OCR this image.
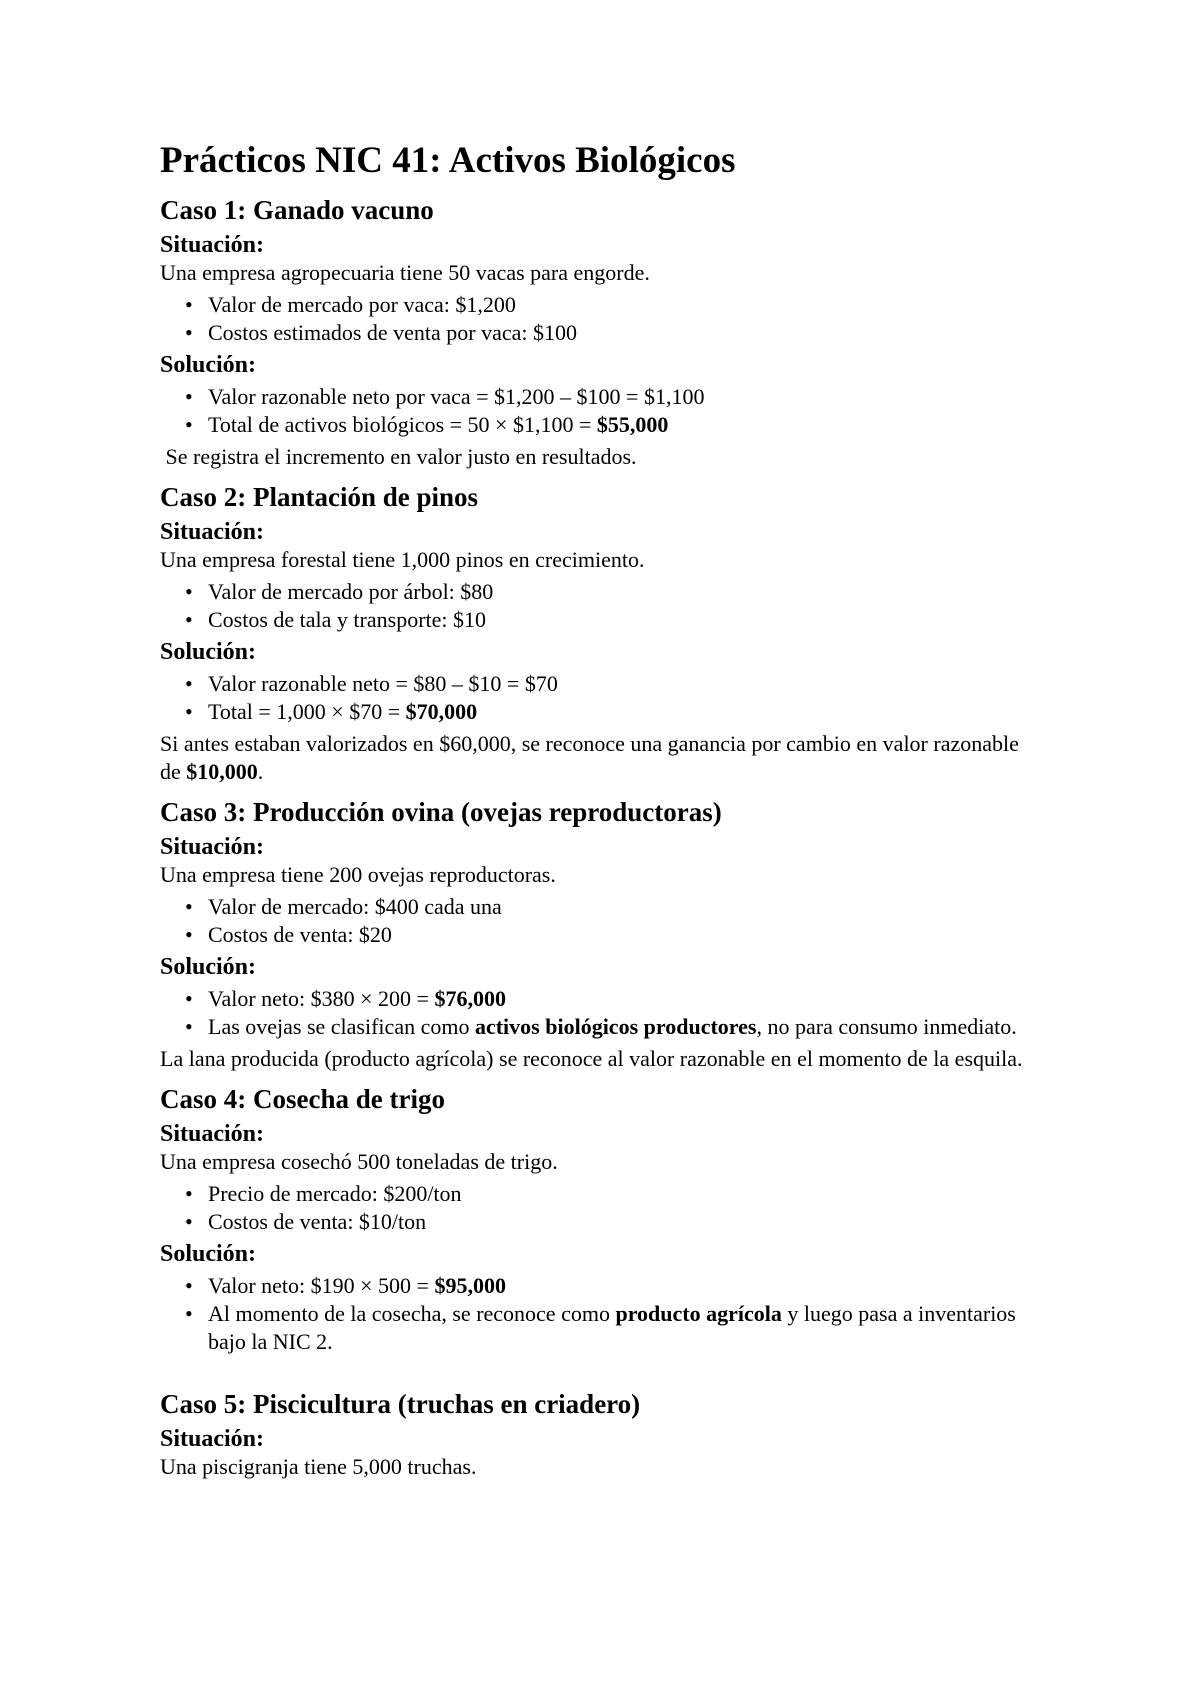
Prácticos NIC 41: Activos Biológicos
Caso 1: Ganado vacuno
Situación:

Una empresa agropecuaria tiene 50 vacas para engorde.

• Valor de mercado por vaca: $1,200
• Costos estimados de venta por vaca: $100
Solución:
• Valor razonable neto por vaca = $1,200 – $100 = $1,100
• Total de activos biológicos = 50 × $1,100 = $55,000

Se registra el incremento en valor justo en resultados.

Caso 2: Plantación de pinos
Situación:

Una empresa forestal tiene 1,000 pinos en crecimiento.

• Valor de mercado por árbol: $80
• Costos de tala y transporte: $10
Solución:
• Valor razonable neto = $80 – $10 = $70
• Total = 1,000 × $70 = $70,000

Si antes estaban valorizados en $60,000, se reconoce una ganancia por cambio en valor razonable de $10,000.

Caso 3: Producción ovina (ovejas reproductoras)
Situación:

Una empresa tiene 200 ovejas reproductoras.

• Valor de mercado: $400 cada una
• Costos de venta: $20
Solución:
• Valor neto: $380 × 200 = $76,000
• Las ovejas se clasifican como activos biológicos productores, no para consumo inmediato.

La lana producida (producto agrícola) se reconoce al valor razonable en el momento de la esquila.

Caso 4: Cosecha de trigo
Situación:

Una empresa cosechó 500 toneladas de trigo.

• Precio de mercado: $200/ton
• Costos de venta: $10/ton
Solución:
• Valor neto: $190 × 500 = $95,000
• Al momento de la cosecha, se reconoce como producto agrícola y luego pasa a inventarios bajo la NIC 2.
Caso 5: Piscicultura (truchas en criadero)
Situación:

Una piscigranja tiene 5,000 truchas.
